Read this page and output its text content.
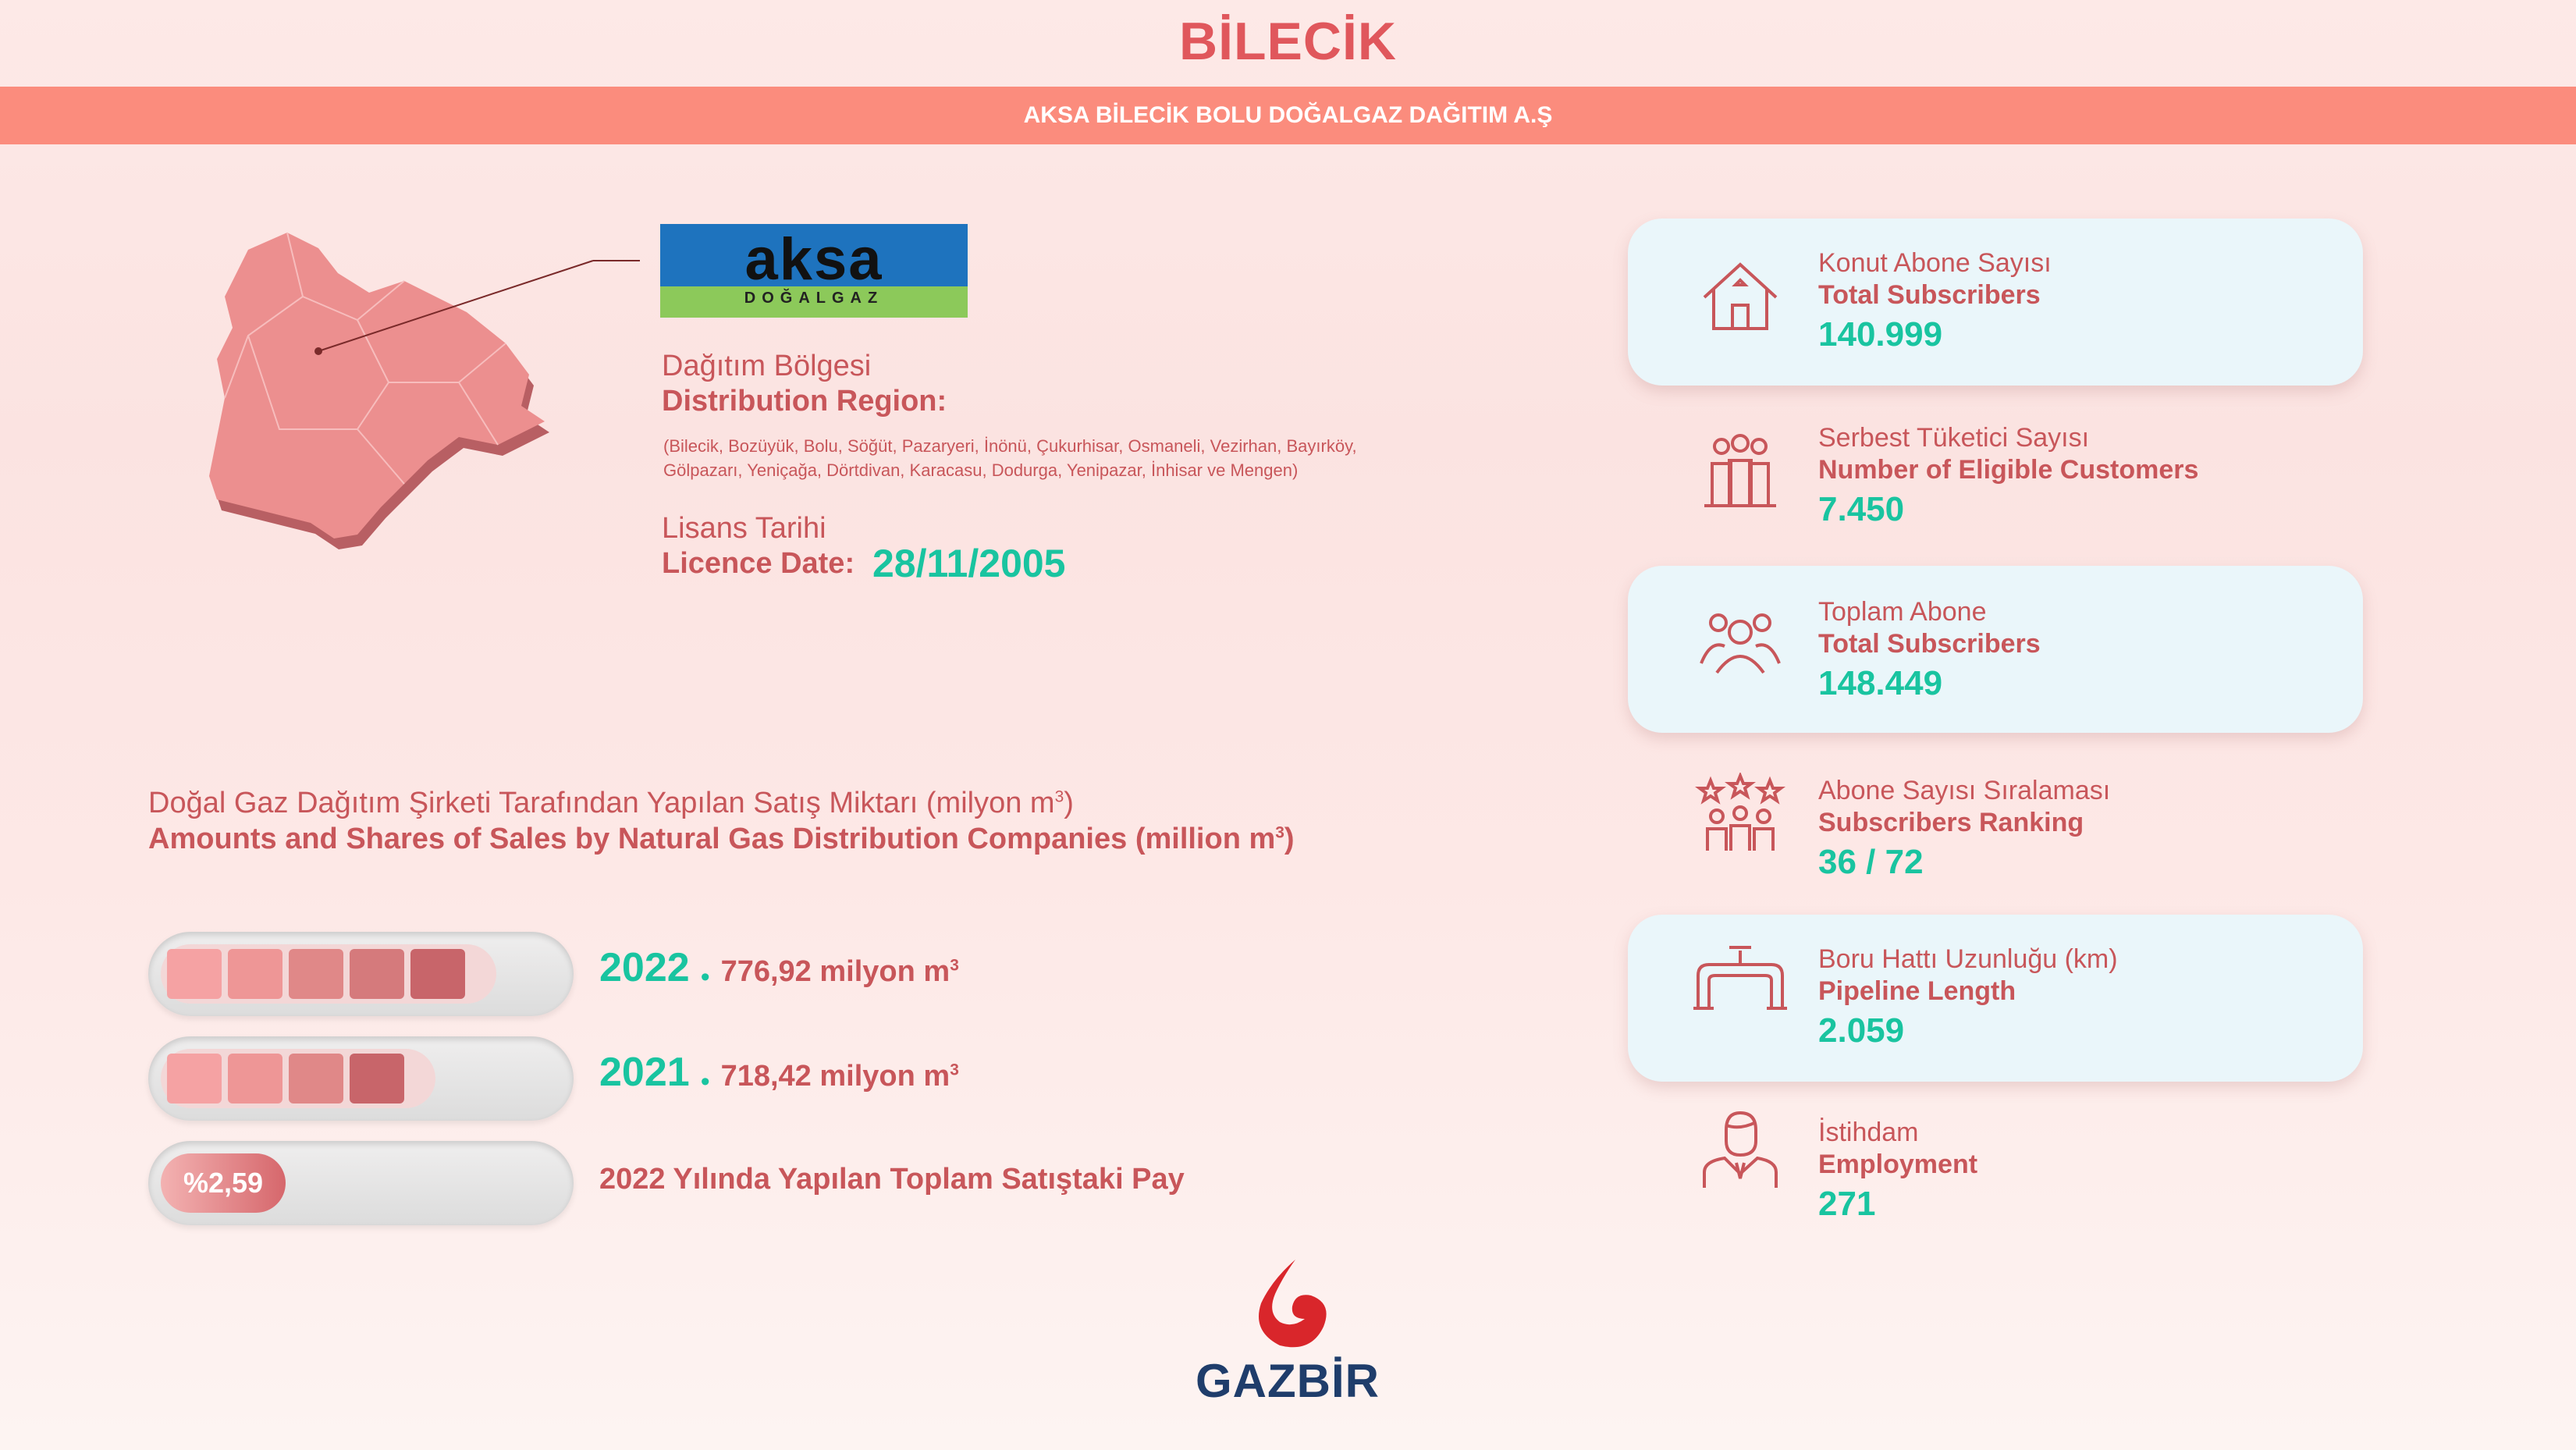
BİLECİK
AKSA BİLECİK BOLU DOĞALGAZ DAĞITIM A.Ş
aksa
DOĞALGAZ
Dağıtım Bölgesi
Distribution Region:
(Bilecik, Bozüyük, Bolu, Söğüt, Pazaryeri, İnönü, Çukurhisar, Osmaneli, Vezirhan, Bayırköy,
Gölpazarı, Yeniçağa, Dörtdivan, Karacasu, Dodurga, Yenipazar, İnhisar ve Mengen)
Lisans Tarihi
Licence Date: 28/11/2005
Doğal Gaz Dağıtım Şirketi Tarafından Yapılan Satış Miktarı (milyon $m^3$)
Amounts and Shares of Sales by Natural Gas Distribution Companies (million $m^3$)
2022 • 776,92 milyon $m^3$
2021 • 718,42 milyon $m^3$
%2,59	2022 Yılında Yapılan Toplam Satıştaki Pay
Konut Abone Sayısı
Total Subscribers
140.999
Serbest Tüketici Sayısı
Number of Eligible Customers
7.450
Toplam Abone
Total Subscribers
148.449
Abone Sayısı Sıralaması
Subscribers Ranking
36 / 72
Boru Hattı Uzunluğu (km)
Pipeline Length
2.059
İstihdam
Employment
271
GAZBİR
